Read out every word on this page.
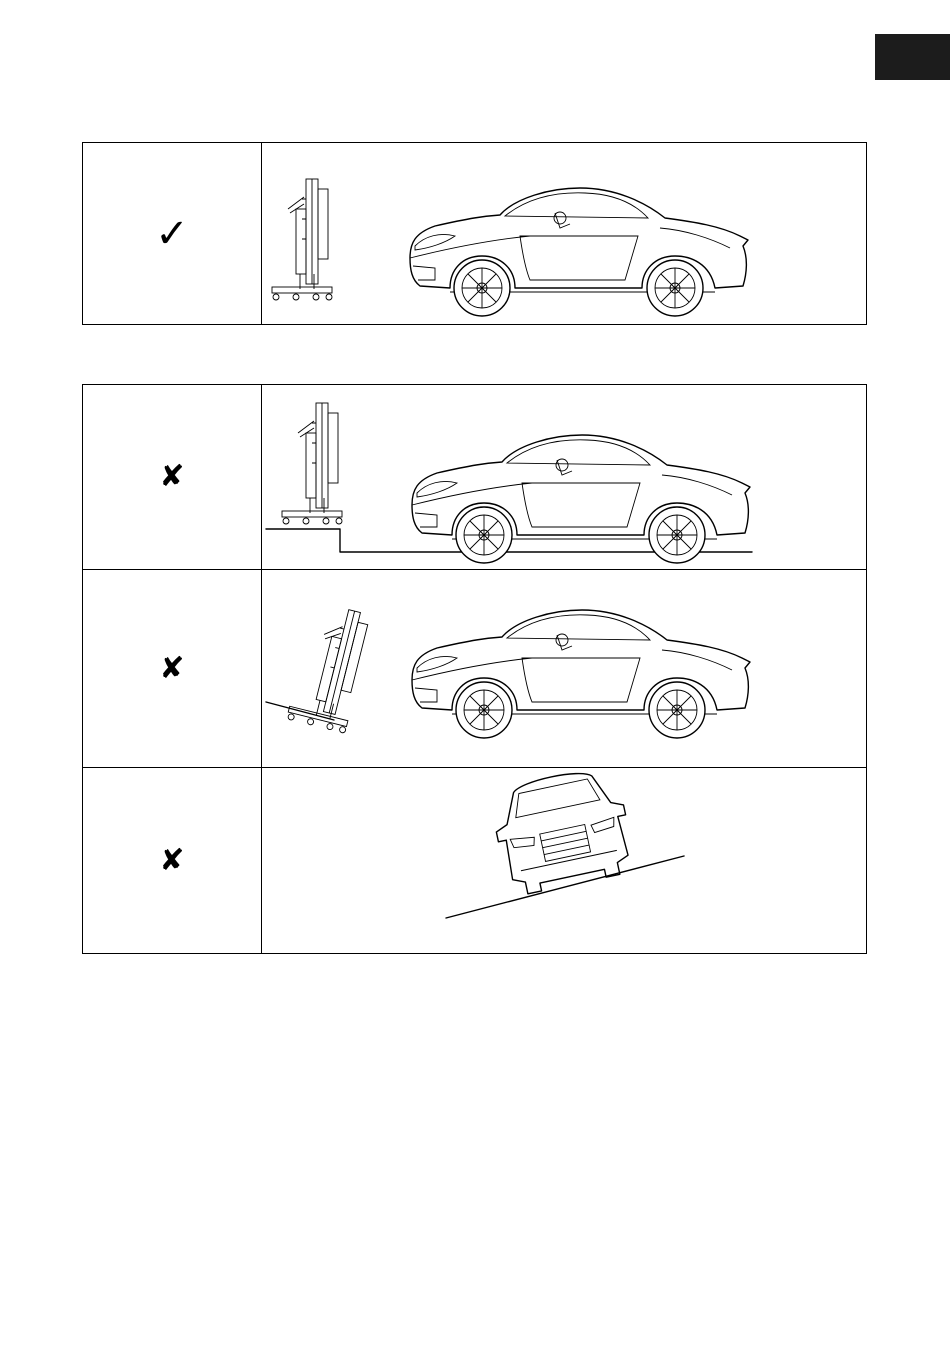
✓	
✘	

✘	

✘	
